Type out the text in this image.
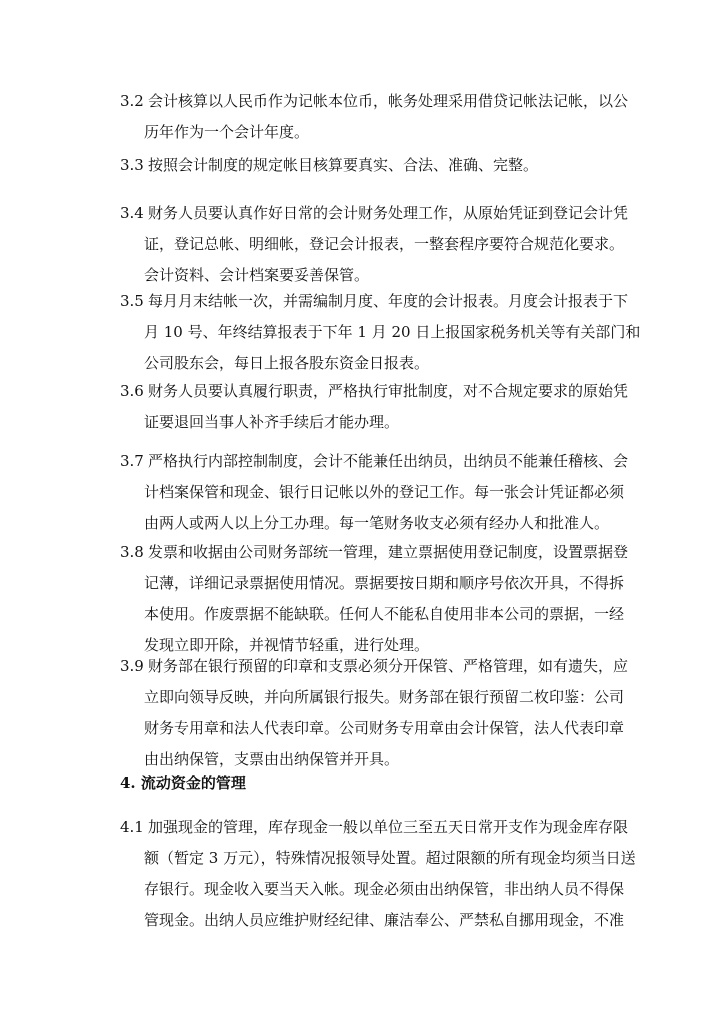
3.2 会计核算以人民币作为记帐本位币，帐务处理采用借贷记帐法记帐，以公
历年作为一个会计年度。
3.3 按照会计制度的规定帐目核算要真实、合法、准确、完整。
3.4 财务人员要认真作好日常的会计财务处理工作，从原始凭证到登记会计凭
证，登记总帐、明细帐，登记会计报表，一整套程序要符合规范化要求。
会计资料、会计档案要妥善保管。
3.5 每月月末结帐一次，并需编制月度、年度的会计报表。月度会计报表于下
月 10 号、年终结算报表于下年 1 月 20 日上报国家税务机关等有关部门和
公司股东会，每日上报各股东资金日报表。
3.6 财务人员要认真履行职责，严格执行审批制度，对不合规定要求的原始凭
证要退回当事人补齐手续后才能办理。
3.7 严格执行内部控制制度，会计不能兼任出纳员，出纳员不能兼任稽核、会
计档案保管和现金、银行日记帐以外的登记工作。每一张会计凭证都必须
由两人或两人以上分工办理。每一笔财务收支必须有经办人和批准人。
3.8 发票和收据由公司财务部统一管理，建立票据使用登记制度，设置票据登
记薄，详细记录票据使用情况。票据要按日期和顺序号依次开具，不得拆
本使用。作废票据不能缺联。任何人不能私自使用非本公司的票据，一经
发现立即开除，并视情节轻重，进行处理。
3.9 财务部在银行预留的印章和支票必须分开保管、严格管理，如有遗失，应
立即向领导反映，并向所属银行报失。财务部在银行预留二枚印鉴：公司
财务专用章和法人代表印章。公司财务专用章由会计保管，法人代表印章
由出纳保管，支票由出纳保管并开具。
4. 流动资金的管理
4.1 加强现金的管理，库存现金一般以单位三至五天日常开支作为现金库存限
额（暂定 3 万元），特殊情况报领导处置。超过限额的所有现金均须当日送
存银行。现金收入要当天入帐。现金必须由出纳保管，非出纳人员不得保
管现金。出纳人员应维护财经纪律、廉洁奉公、严禁私自挪用现金，不准
